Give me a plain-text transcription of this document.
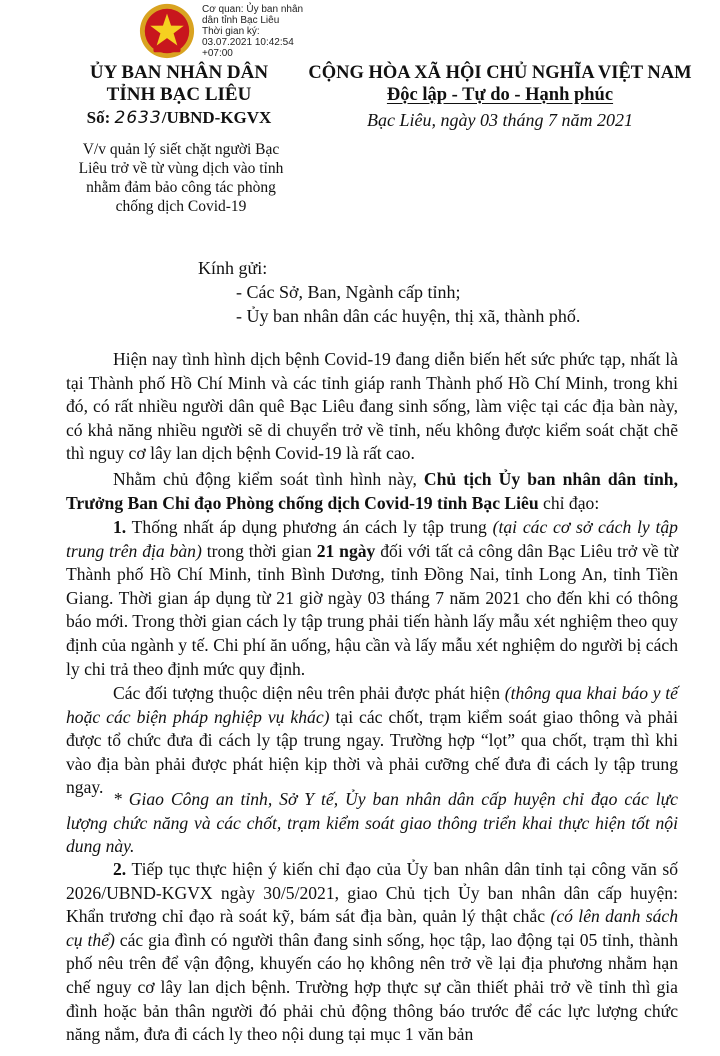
Cơ quan: Ủy ban nhân
dân tỉnh Bạc Liêu
Thời gian ký:
03.07.2021 10:42:54
+07:00
ỦY BAN NHÂN DÂN
TỈNH BẠC LIÊU
CỘNG HÒA XÃ HỘI CHỦ NGHĨA VIỆT NAM
Độc lập - Tự do - Hạnh phúc
Số: 2633/UBND-KGVX	Bạc Liêu, ngày 03 tháng 7 năm 2021
V/v quản lý siết chặt người Bạc
Liêu trở về từ vùng dịch vào tỉnh
nhằm đảm bảo công tác phòng
chống dịch Covid-19
Kính gửi:
- Các Sở, Ban, Ngành cấp tỉnh;
- Ủy ban nhân dân các huyện, thị xã, thành phố.

Hiện nay tình hình dịch bệnh Covid-19 đang diễn biến hết sức phức tạp, nhất là tại Thành phố Hồ Chí Minh và các tỉnh giáp ranh Thành phố Hồ Chí Minh, trong khi đó, có rất nhiều người dân quê Bạc Liêu đang sinh sống, làm việc tại các địa bàn này, có khả năng nhiều người sẽ di chuyển trở về tỉnh, nếu không được kiểm soát chặt chẽ thì nguy cơ lây lan dịch bệnh Covid-19 là rất cao.

Nhằm chủ động kiểm soát tình hình này, Chủ tịch Ủy ban nhân dân tỉnh, Trưởng Ban Chỉ đạo Phòng chống dịch Covid-19 tỉnh Bạc Liêu chỉ đạo:

1. Thống nhất áp dụng phương án cách ly tập trung (tại các cơ sở cách ly tập trung trên địa bàn) trong thời gian 21 ngày đối với tất cả công dân Bạc Liêu trở về từ Thành phố Hồ Chí Minh, tỉnh Bình Dương, tỉnh Đồng Nai, tỉnh Long An, tỉnh Tiền Giang. Thời gian áp dụng từ 21 giờ ngày 03 tháng 7 năm 2021 cho đến khi có thông báo mới. Trong thời gian cách ly tập trung phải tiến hành lấy mẫu xét nghiệm theo quy định của ngành y tế. Chi phí ăn uống, hậu cần và lấy mẫu xét nghiệm do người bị cách ly chi trả theo định mức quy định.

Các đối tượng thuộc diện nêu trên phải được phát hiện (thông qua khai báo y tế hoặc các biện pháp nghiệp vụ khác) tại các chốt, trạm kiểm soát giao thông và phải được tổ chức đưa đi cách ly tập trung ngay. Trường hợp “lọt” qua chốt, trạm thì khi vào địa bàn phải được phát hiện kịp thời và phải cưỡng chế đưa đi cách ly tập trung ngay.

* Giao Công an tỉnh, Sở Y tế, Ủy ban nhân dân cấp huyện chỉ đạo các lực lượng chức năng và các chốt, trạm kiểm soát giao thông triển khai thực hiện tốt nội dung này.

2. Tiếp tục thực hiện ý kiến chỉ đạo của Ủy ban nhân dân tỉnh tại công văn số 2026/UBND-KGVX ngày 30/5/2021, giao Chủ tịch Ủy ban nhân dân cấp huyện: Khẩn trương chỉ đạo rà soát kỹ, bám sát địa bàn, quản lý thật chắc (có lên danh sách cụ thể) các gia đình có người thân đang sinh sống, học tập, lao động tại 05 tỉnh, thành phố nêu trên để vận động, khuyến cáo họ không nên trở về lại địa phương nhằm hạn chế nguy cơ lây lan dịch bệnh. Trường hợp thực sự cần thiết phải trở về tỉnh thì gia đình hoặc bản thân người đó phải chủ động thông báo trước để các lực lượng chức năng nắm, đưa đi cách ly theo nội dung tại mục 1 văn bản
